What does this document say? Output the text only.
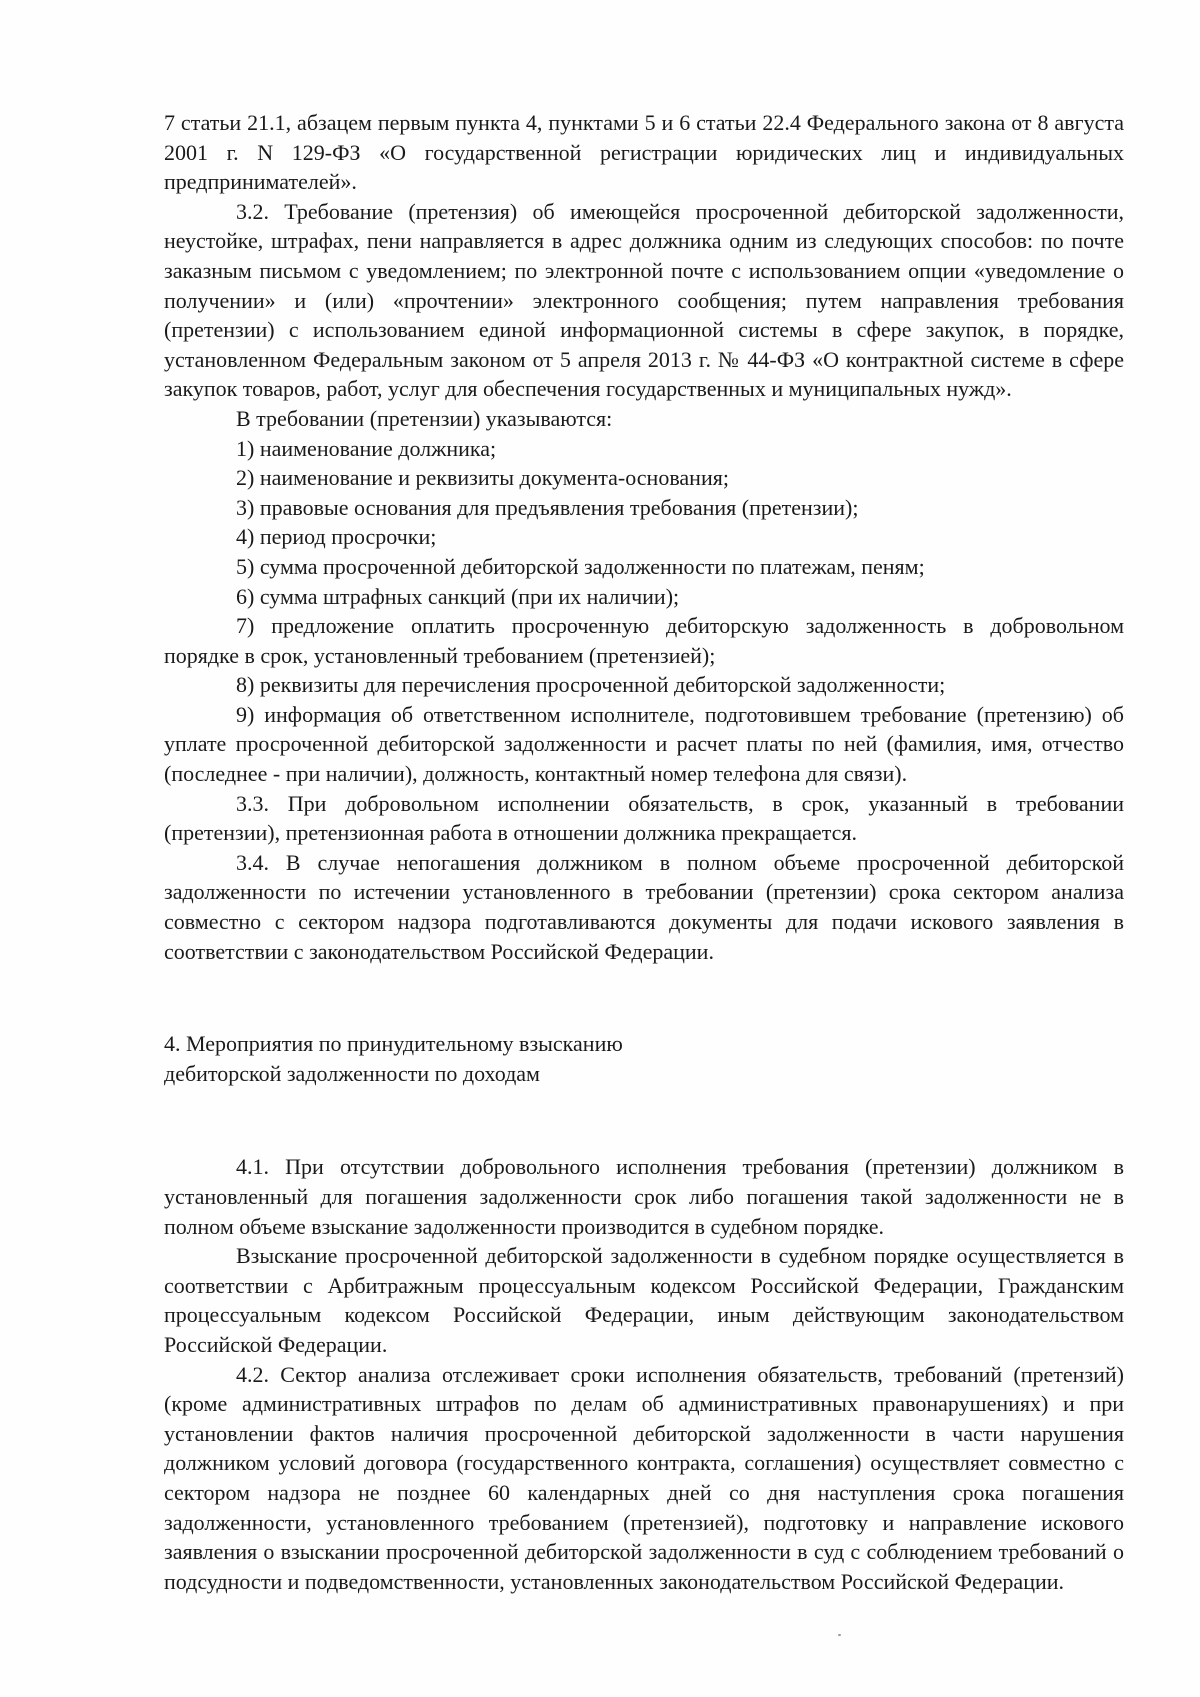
7 статьи 21.1, абзацем первым пункта 4, пунктами 5 и 6 статьи 22.4 Федерального закона от 8 августа 2001 г. N 129-ФЗ «О государственной регистрации юридических лиц и индивидуальных предпринимателей».

3.2. Требование (претензия) об имеющейся просроченной дебиторской задолженности, неустойке, штрафах, пени направляется в адрес должника одним из следующих способов: по почте заказным письмом с уведомлением; по электронной почте с использованием опции «уведомление о получении» и (или) «прочтении» электронного сообщения; путем направления требования (претензии) с использованием единой информационной системы в сфере закупок, в порядке, установленном Федеральным законом от 5 апреля 2013 г. № 44-ФЗ «О контрактной системе в сфере закупок товаров, работ, услуг для обеспечения государственных и муниципальных нужд».

В требовании (претензии) указываются:

1) наименование должника;

2) наименование и реквизиты документа-основания;

3) правовые основания для предъявления требования (претензии);

4) период просрочки;

5) сумма просроченной дебиторской задолженности по платежам, пеням;

6) сумма штрафных санкций (при их наличии);

7) предложение оплатить просроченную дебиторскую задолженность в добровольном порядке в срок, установленный требованием (претензией);

8) реквизиты для перечисления просроченной дебиторской задолженности;

9) информация об ответственном исполнителе, подготовившем требование (претензию) об уплате просроченной дебиторской задолженности и расчет платы по ней (фамилия, имя, отчество (последнее - при наличии), должность, контактный номер телефона для связи).

3.3. При добровольном исполнении обязательств, в срок, указанный в требовании (претензии), претензионная работа в отношении должника прекращается.

3.4. В случае непогашения должником в полном объеме просроченной дебиторской задолженности по истечении установленного в требовании (претензии) срока сектором анализа совместно с сектором надзора подготавливаются документы для подачи искового заявления в соответствии с законодательством Российской Федерации.

4. Мероприятия по принудительному взысканию

дебиторской задолженности по доходам

4.1. При отсутствии добровольного исполнения требования (претензии) должником в установленный для погашения задолженности срок либо погашения такой задолженности не в полном объеме взыскание задолженности производится в судебном порядке.

Взыскание просроченной дебиторской задолженности в судебном порядке осуществляется в соответствии с Арбитражным процессуальным кодексом Российской Федерации, Гражданским процессуальным кодексом Российской Федерации, иным действующим законодательством Российской Федерации.

4.2. Сектор анализа отслеживает сроки исполнения обязательств, требований (претензий) (кроме административных штрафов по делам об административных правонарушениях) и при установлении фактов наличия просроченной дебиторской задолженности в части нарушения должником условий договора (государственного контракта, соглашения) осуществляет совместно с сектором надзора не позднее 60 календарных дней со дня наступления срока погашения задолженности, установленного требованием (претензией), подготовку и направление искового заявления о взыскании просроченной дебиторской задолженности в суд с соблюдением требований о подсудности и подведомственности, установленных законодательством Российской Федерации.
